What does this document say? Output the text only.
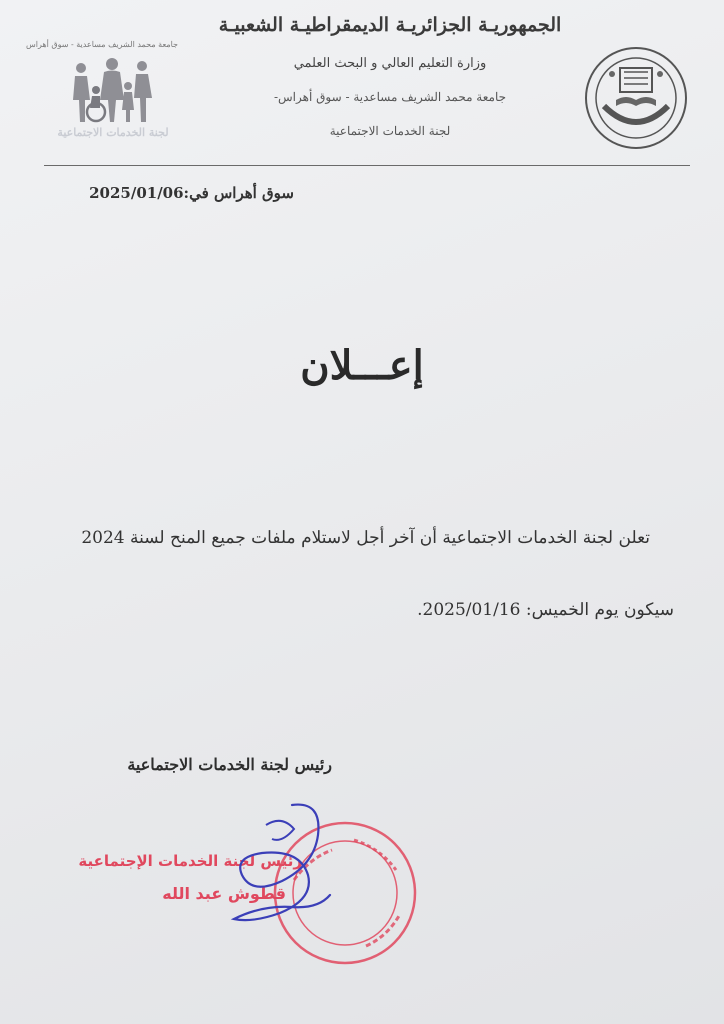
جامعة محمد الشريف مساعدية - سوق أهراس
لجنة الخدمات الاجتماعية
الجمهوريـة الجزائريـة الديمقراطيـة الشعبيـة
وزارة التعليم العالي و البحث العلمي
جامعة محمد الشريف مساعدية - سوق أهراس-
لجنة الخدمات الاجتماعية
سوق أهراس في:2025/01/06
إعـــلان
تعلن لجنة الخدمات الاجتماعية أن آخر أجل لاستلام ملفات جميع المنح لسنة 2024
سيكون يوم الخميس: 2025/01/16.
رئيس لجنة الخدمات الاجتماعية
رئيس لجنة الخدمات الإجتماعية
قطوش عبد الله
